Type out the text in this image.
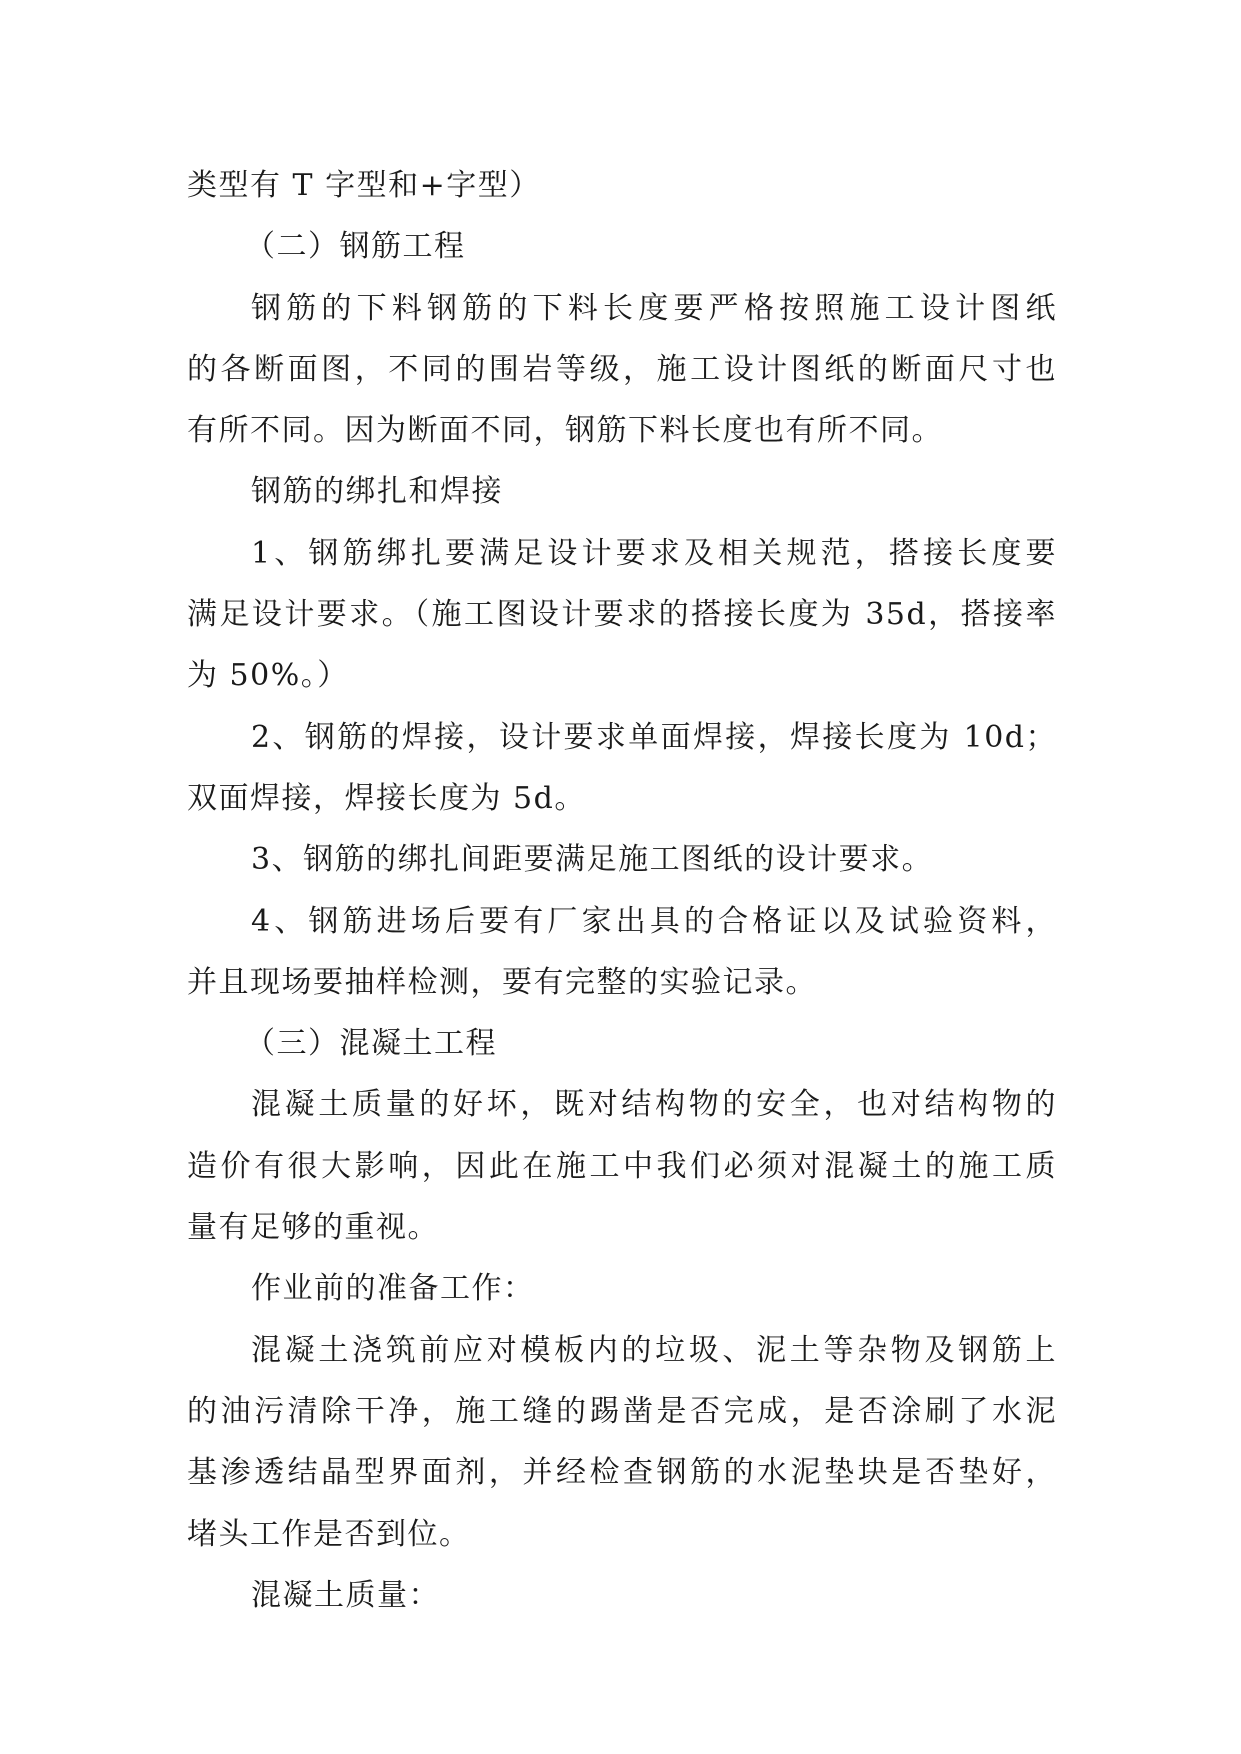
类型有 T 字型和+字型）
（二）钢筋工程
钢筋的下料钢筋的下料长度要严格按照施工设计图纸
的各断面图，不同的围岩等级，施工设计图纸的断面尺寸也
有所不同。因为断面不同，钢筋下料长度也有所不同。
钢筋的绑扎和焊接
1、钢筋绑扎要满足设计要求及相关规范，搭接长度要
满足设计要求。（施工图设计要求的搭接长度为 35d，搭接率
为 50%。）
2、钢筋的焊接，设计要求单面焊接，焊接长度为 10d；
双面焊接，焊接长度为 5d。
3、钢筋的绑扎间距要满足施工图纸的设计要求。
4、钢筋进场后要有厂家出具的合格证以及试验资料，
并且现场要抽样检测，要有完整的实验记录。
（三）混凝土工程
混凝土质量的好坏，既对结构物的安全，也对结构物的
造价有很大影响，因此在施工中我们必须对混凝土的施工质
量有足够的重视。
作业前的准备工作：
混凝土浇筑前应对模板内的垃圾、泥土等杂物及钢筋上
的油污清除干净，施工缝的踢凿是否完成，是否涂刷了水泥
基渗透结晶型界面剂，并经检查钢筋的水泥垫块是否垫好，
堵头工作是否到位。
混凝土质量：
